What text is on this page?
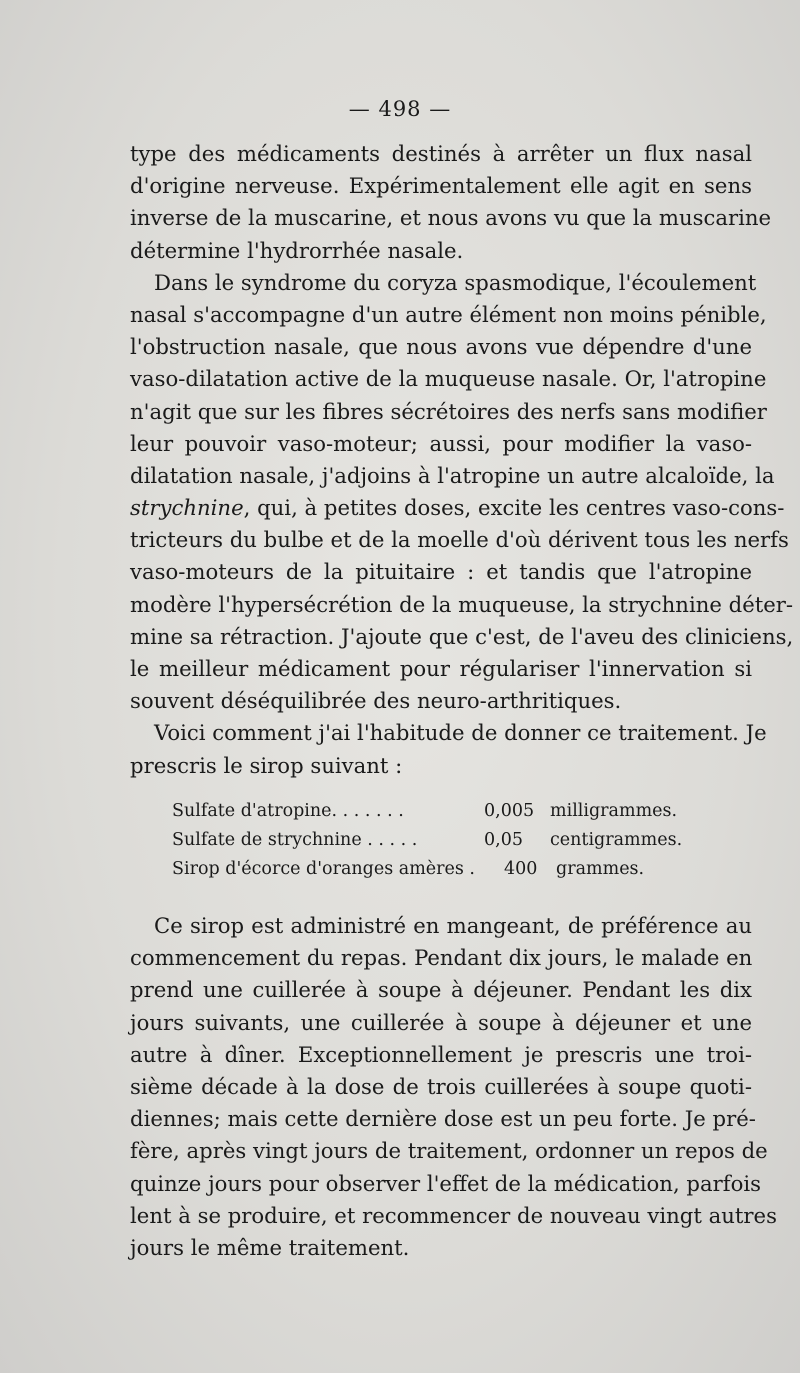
— 498 —
type des médicaments destinés à arrêter un flux nasal
d'origine nerveuse. Expérimentalement elle agit en sens
inverse de la muscarine, et nous avons vu que la muscarine
détermine l'hydrorrhée nasale.
Dans le syndrome du coryza spasmodique, l'écoulement
nasal s'accompagne d'un autre élément non moins pénible,
l'obstruction nasale, que nous avons vue dépendre d'une
vaso-dilatation active de la muqueuse nasale. Or, l'atropine
n'agit que sur les fibres sécrétoires des nerfs sans modifier
leur pouvoir vaso-moteur; aussi, pour modifier la vaso-
dilatation nasale, j'adjoins à l'atropine un autre alcaloïde, la
strychnine, qui, à petites doses, excite les centres vaso-cons-
tricteurs du bulbe et de la moelle d'où dérivent tous les nerfs
vaso-moteurs de la pituitaire : et tandis que l'atropine
modère l'hypersécrétion de la muqueuse, la strychnine déter-
mine sa rétraction. J'ajoute que c'est, de l'aveu des cliniciens,
le meilleur médicament pour régulariser l'innervation si
souvent déséquilibrée des neuro-arthritiques.
Voici comment j'ai l'habitude de donner ce traitement. Je
prescris le sirop suivant :
Sulfate d'atropine. . . . . . .	0,005 milligrammes.
Sulfate de strychnine . . . . .	0,05	centigrammes.
Sirop d'écorce d'oranges amères .	400	grammes.
Ce sirop est administré en mangeant, de préférence au
commencement du repas. Pendant dix jours, le malade en
prend une cuillerée à soupe à déjeuner. Pendant les dix
jours suivants, une cuillerée à soupe à déjeuner et une
autre à dîner. Exceptionnellement je prescris une troi-
sième décade à la dose de trois cuillerées à soupe quoti-
diennes; mais cette dernière dose est un peu forte. Je pré-
fère, après vingt jours de traitement, ordonner un repos de
quinze jours pour observer l'effet de la médication, parfois
lent à se produire, et recommencer de nouveau vingt autres
jours le même traitement.
